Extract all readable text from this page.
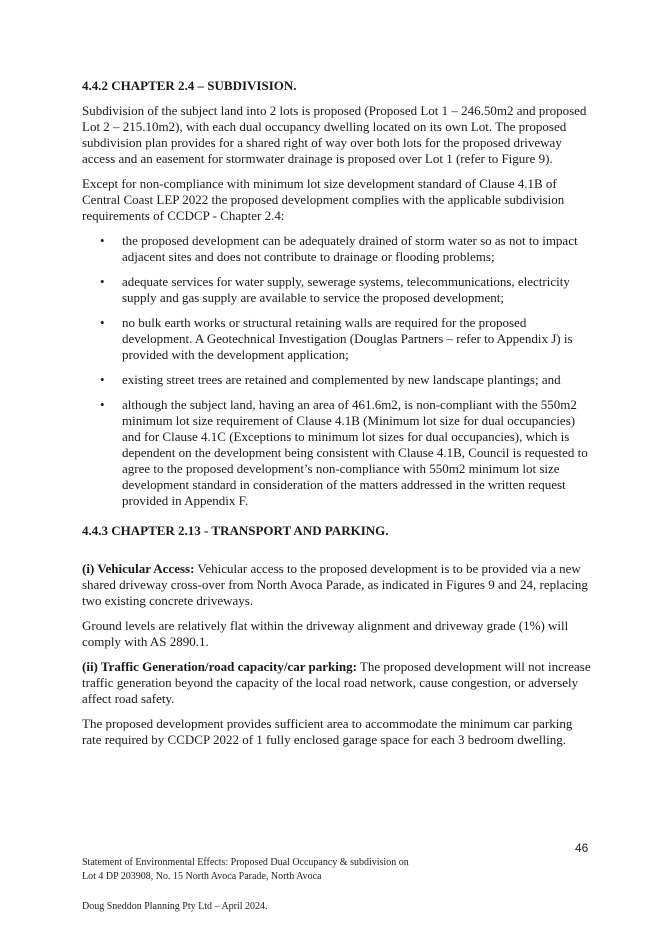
4.4.2 CHAPTER 2.4 – SUBDIVISION.

Subdivision of the subject land into 2 lots is proposed (Proposed Lot 1 – 246.50m2 and proposed Lot 2 – 215.10m2), with each dual occupancy dwelling located on its own Lot. The proposed subdivision plan provides for a shared right of way over both lots for the proposed driveway access and an easement for stormwater drainage is proposed over Lot 1 (refer to Figure 9).

Except for non-compliance with minimum lot size development standard of Clause 4.1B of Central Coast LEP 2022 the proposed development complies with the applicable subdivision requirements of CCDCP - Chapter 2.4:

• the proposed development can be adequately drained of storm water so as not to impact adjacent sites and does not contribute to drainage or flooding problems;
• adequate services for water supply, sewerage systems, telecommunications, electricity supply and gas supply are available to service the proposed development;
• no bulk earth works or structural retaining walls are required for the proposed development. A Geotechnical Investigation (Douglas Partners – refer to Appendix J) is provided with the development application;
• existing street trees are retained and complemented by new landscape plantings; and
• although the subject land, having an area of 461.6m2, is non-compliant with the 550m2 minimum lot size requirement of Clause 4.1B (Minimum lot size for dual occupancies) and for Clause 4.1C (Exceptions to minimum lot sizes for dual occupancies), which is dependent on the development being consistent with Clause 4.1B, Council is requested to agree to the proposed development’s non-compliance with 550m2 minimum lot size development standard in consideration of the matters addressed in the written request provided in Appendix F.
4.4.3 CHAPTER 2.13 - TRANSPORT AND PARKING.

(i) Vehicular Access: Vehicular access to the proposed development is to be provided via a new shared driveway cross-over from North Avoca Parade, as indicated in Figures 9 and 24, replacing two existing concrete driveways.

Ground levels are relatively flat within the driveway alignment and driveway grade (1%) will comply with AS 2890.1.

(ii) Traffic Generation/road capacity/car parking: The proposed development will not increase traffic generation beyond the capacity of the local road network, cause congestion, or adversely affect road safety.

The proposed development provides sufficient area to accommodate the minimum car parking rate required by CCDCP 2022 of 1 fully enclosed garage space for each 3 bedroom dwelling.

46
Statement of Environmental Effects: Proposed Dual Occupancy & subdivision on
Lot 4 DP 203908, No. 15 North Avoca Parade, North Avoca
Doug Sneddon Planning Pty Ltd – April 2024.
